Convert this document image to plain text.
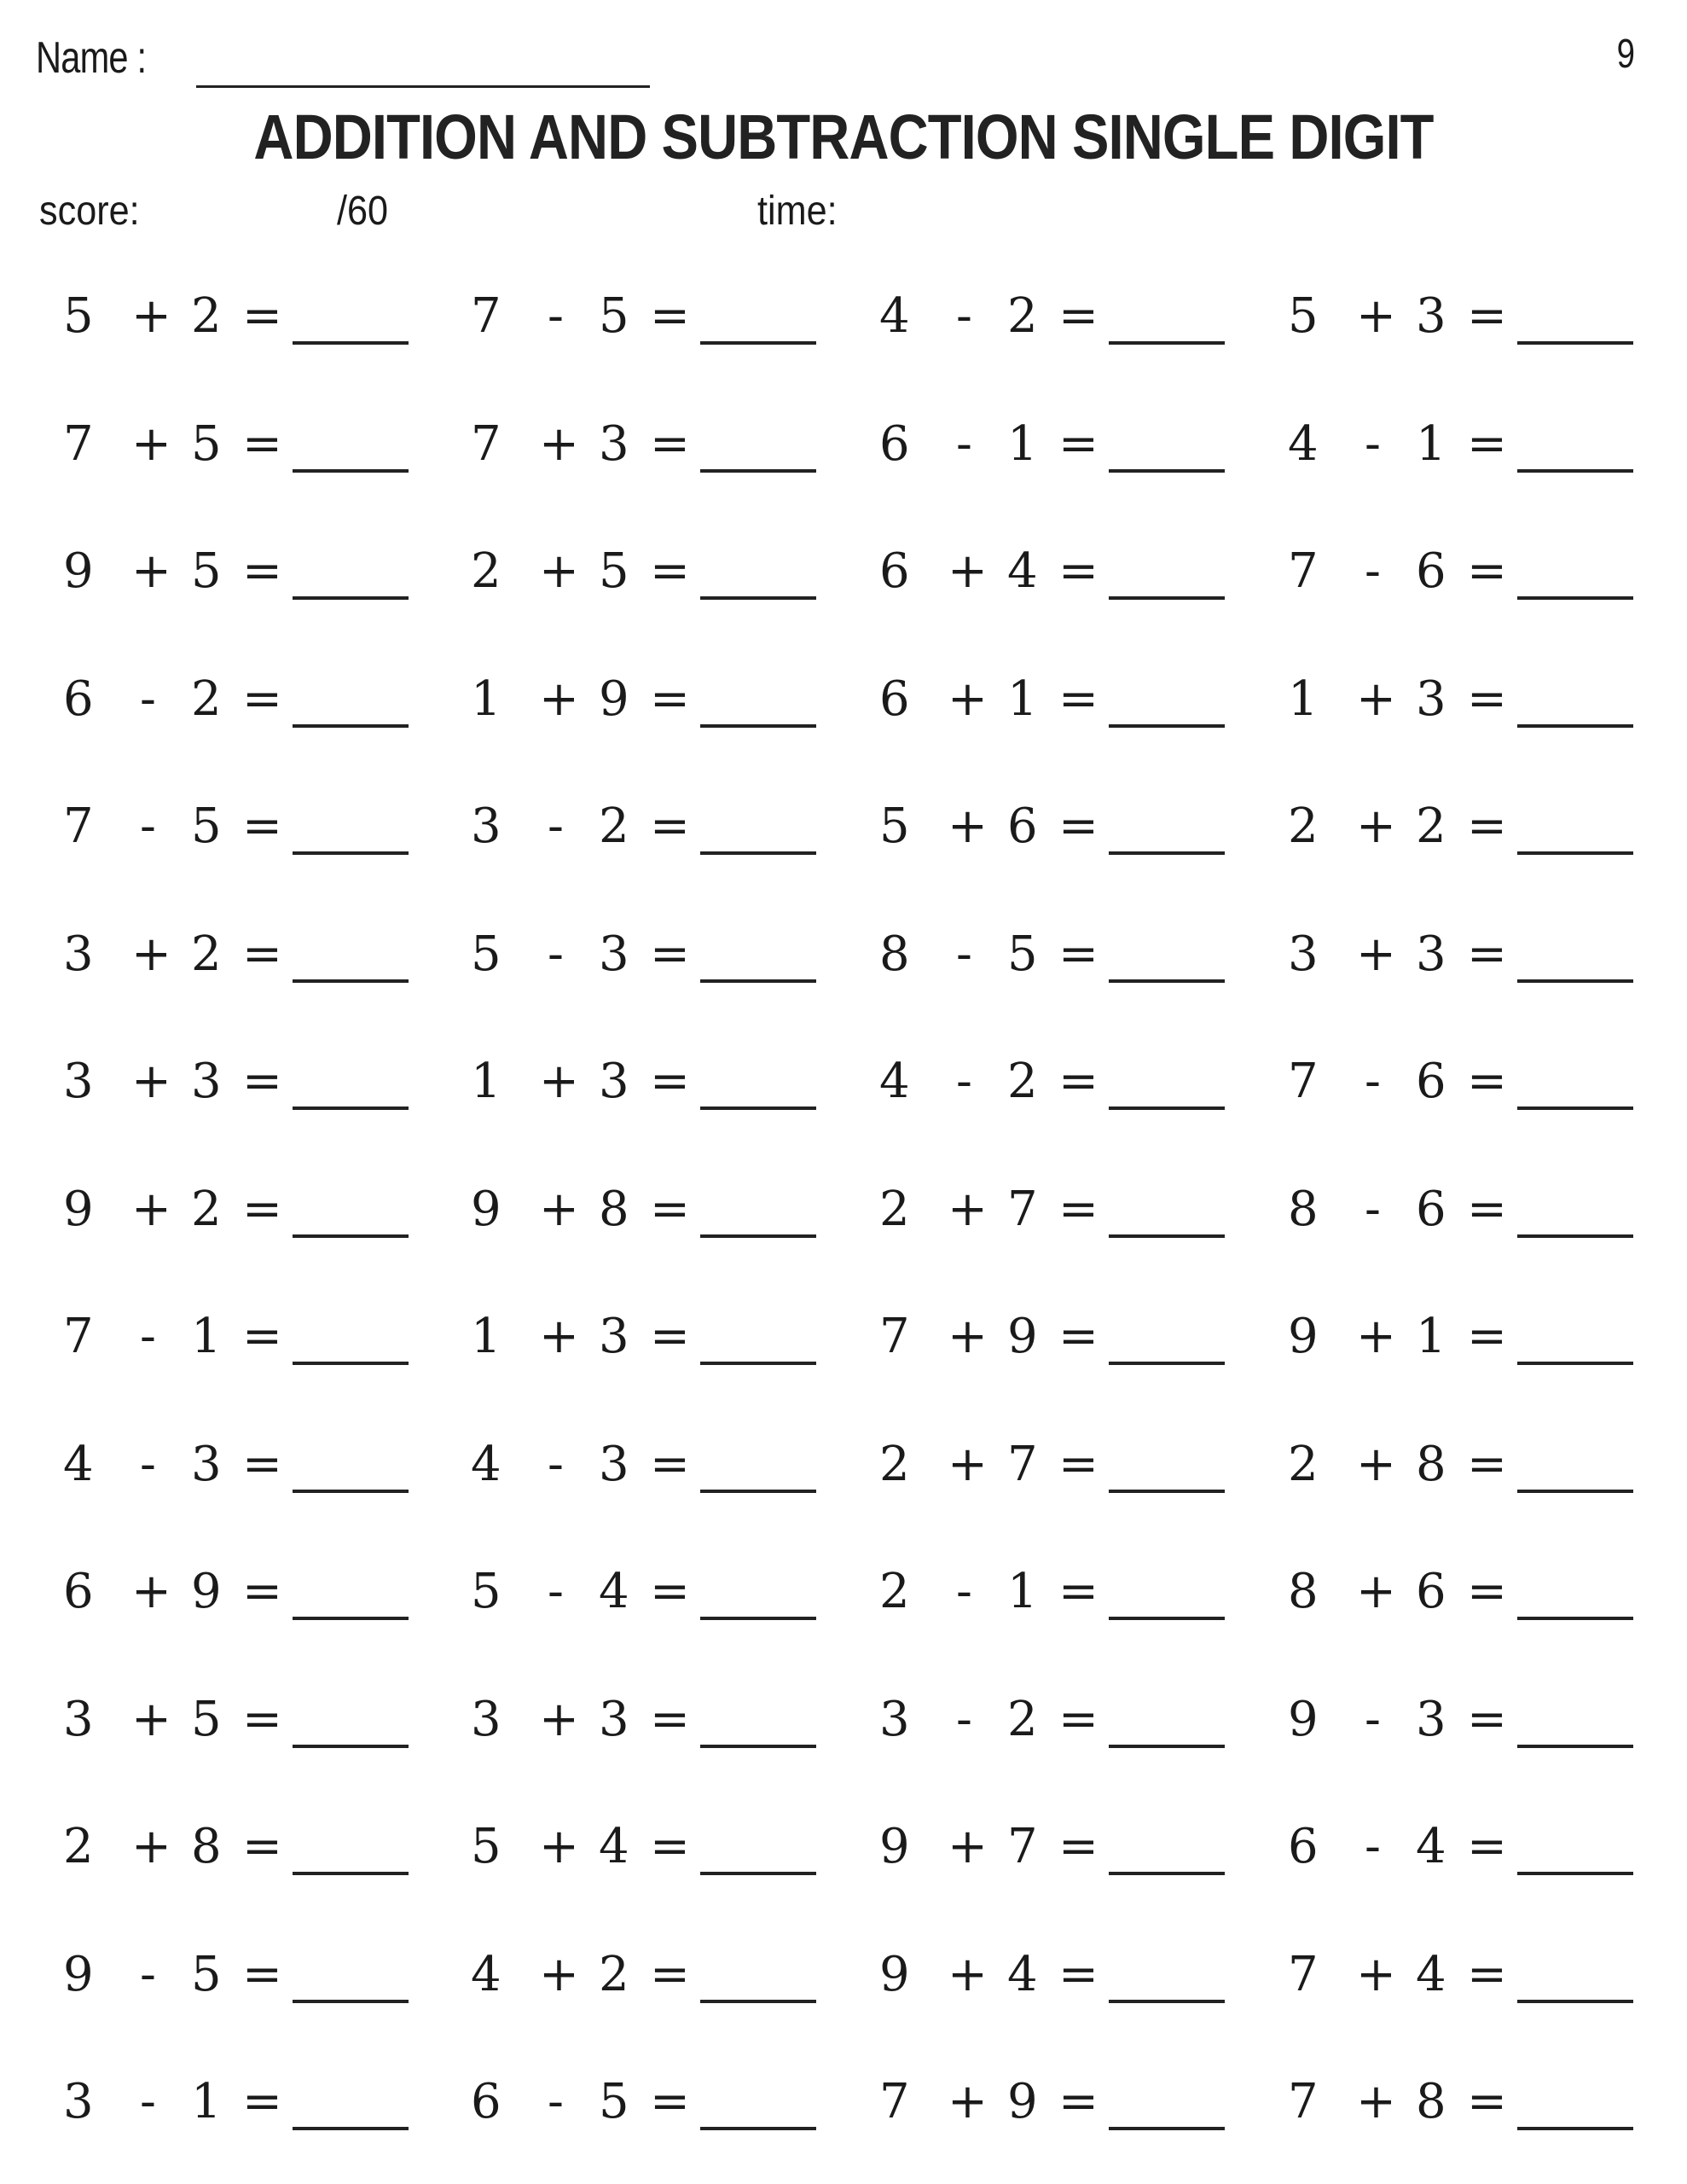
Name :	9
ADDITION AND SUBTRACTION SINGLE DIGIT
score:	/60	time:
5 + 2 =	7 - 5 =	4 - 2 =	5 + 3 =
7 + 5 =	7 + 3 =	6 - 1 =	4 - 1 =
9 + 5 =	2 + 5 =	6 + 4 =	7 - 6 =
6 - 2 =	1 + 9 =	6 + 1 =	1 + 3 =
7 - 5 =	3 - 2 =	5 + 6 =	2 + 2 =
3 + 2 =	5 - 3 =	8 - 5 =	3 + 3 =
3 + 3 =	1 + 3 =	4 - 2 =	7 - 6 =
9 + 2 =	9 + 8 =	2 + 7 =	8 - 6 =
7 - 1 =	1 + 3 =	7 + 9 =	9 + 1 =
4 - 3 =	4 - 3 =	2 + 7 =	2 + 8 =
6 + 9 =	5 - 4 =	2 - 1 =	8 + 6 =
3 + 5 =	3 + 3 =	3 - 2 =	9 - 3 =
2 + 8 =	5 + 4 =	9 + 7 =	6 - 4 =
9 - 5 =	4 + 2 =	9 + 4 =	7 + 4 =
3 - 1 =	6 - 5 =	7 + 9 =	7 + 8 =
